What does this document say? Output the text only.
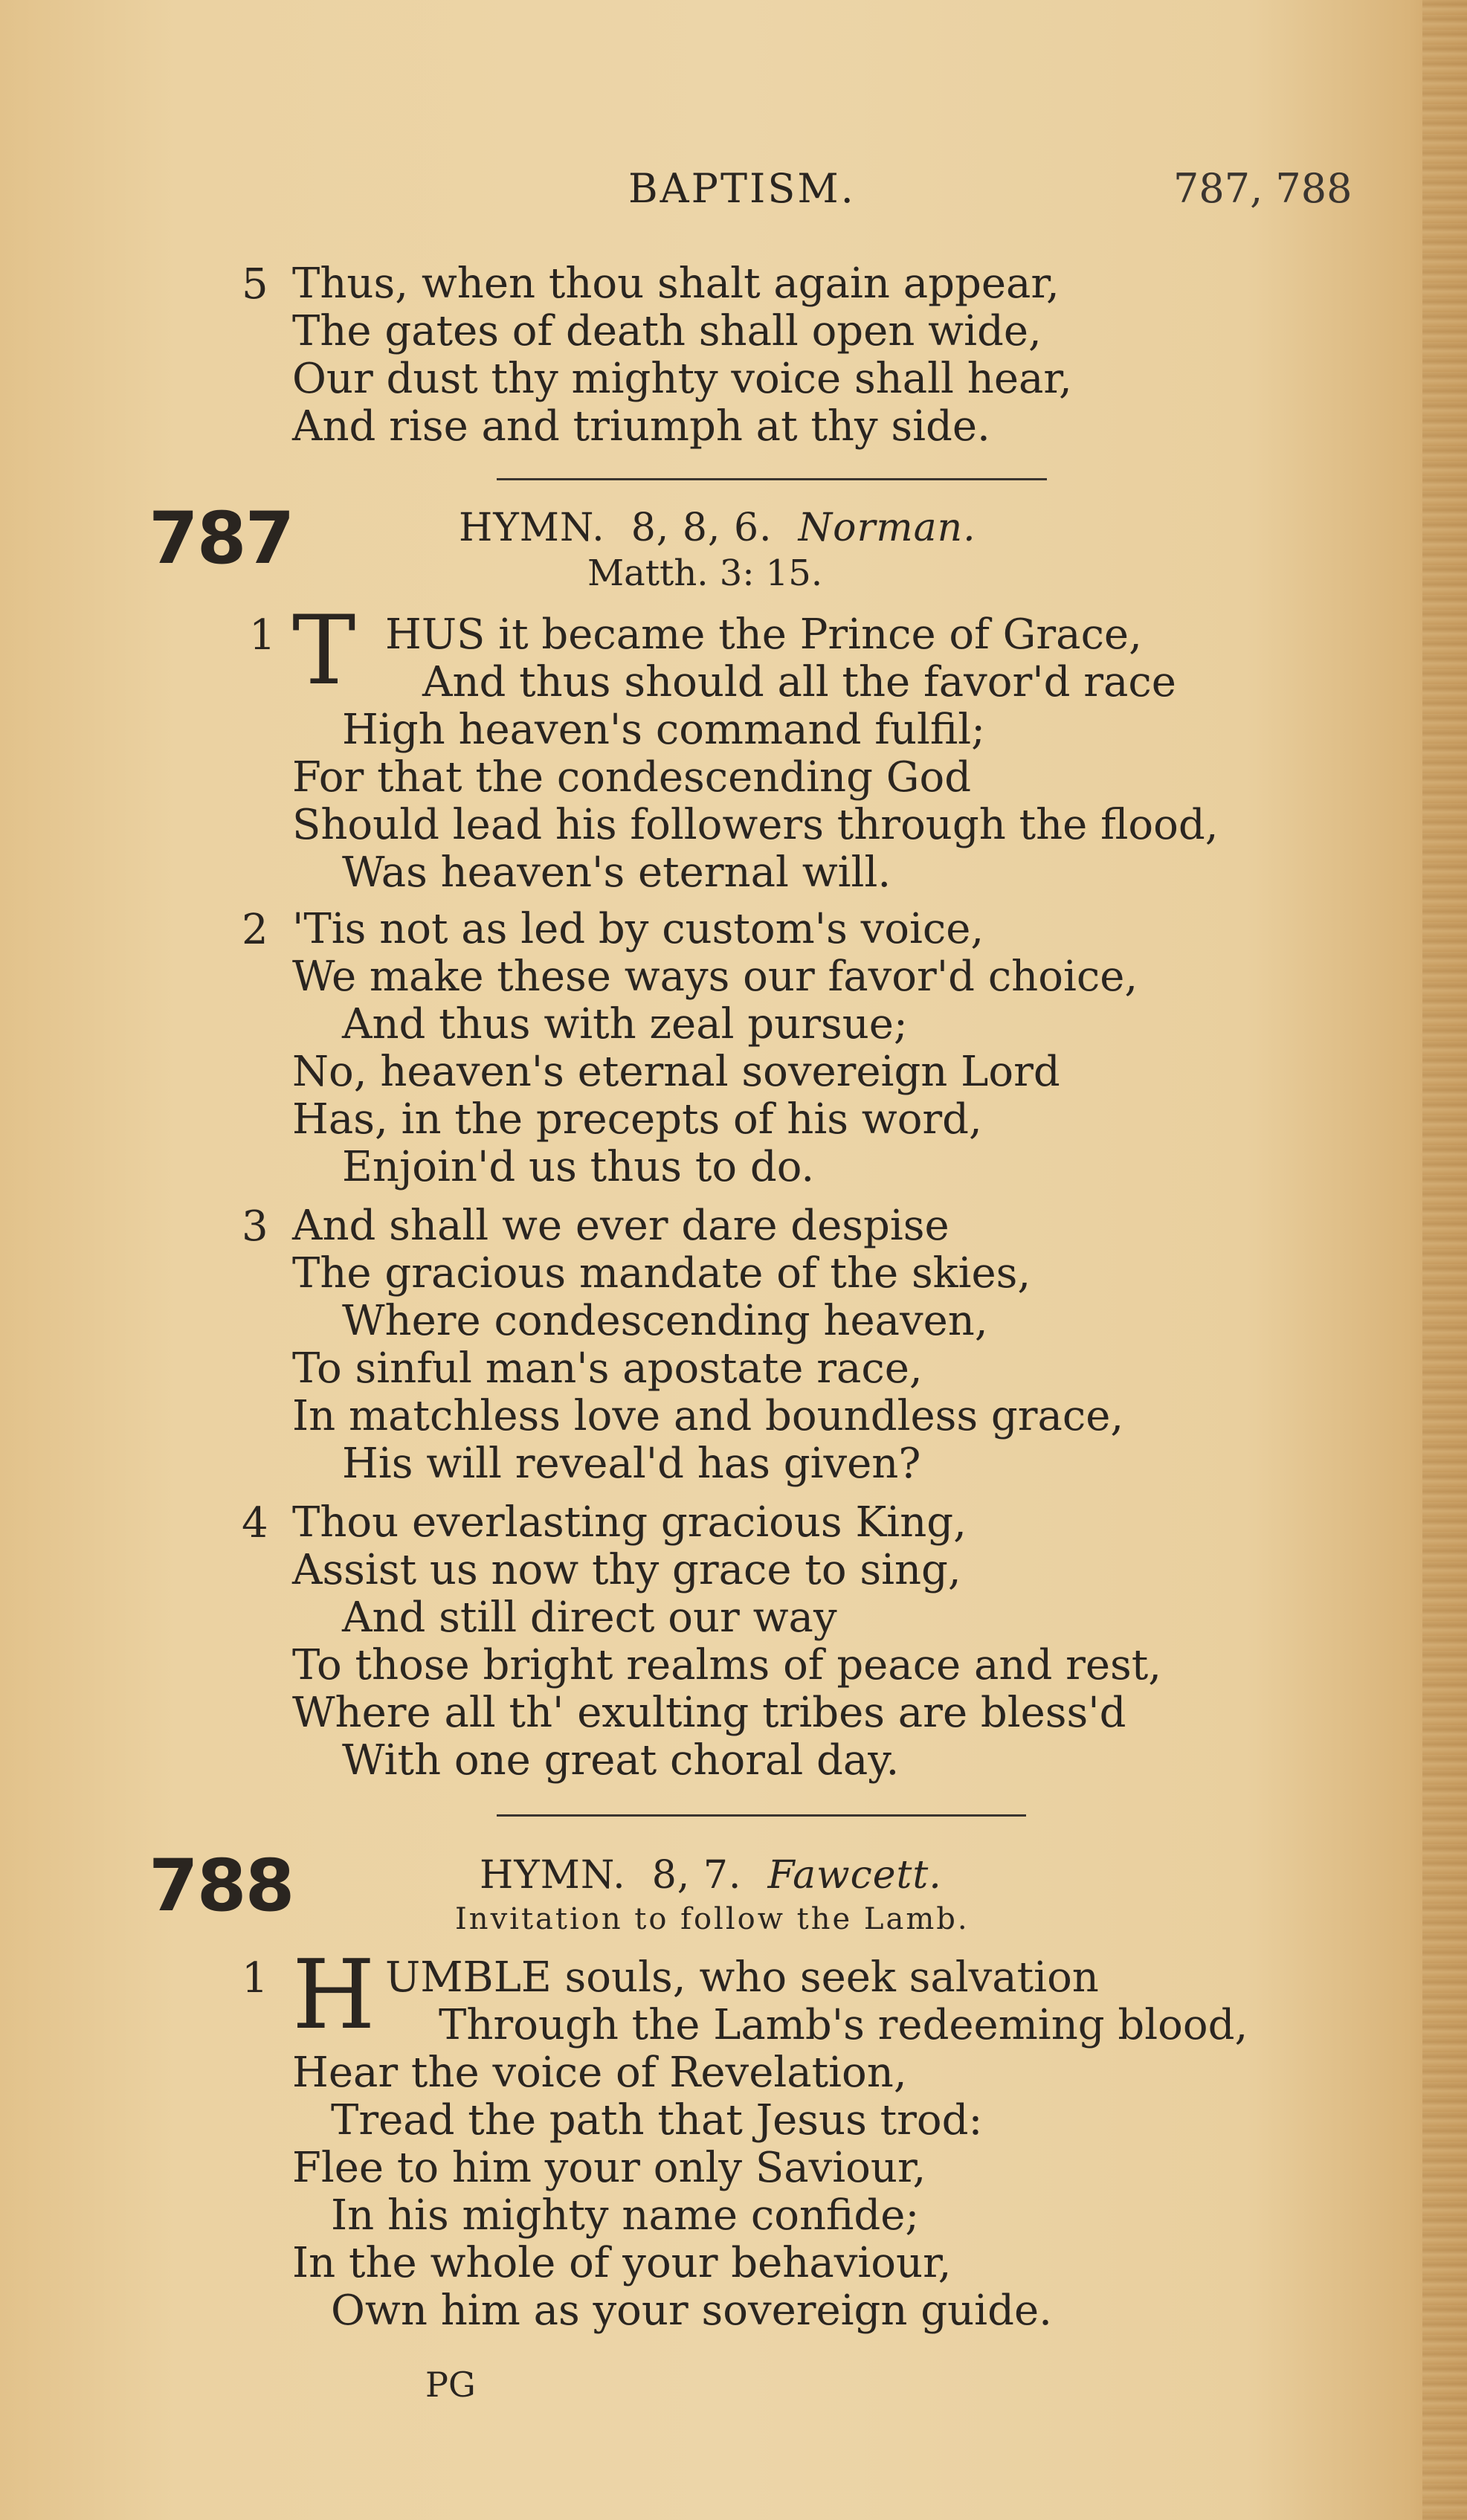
BAPTISM.	787, 788
5 Thus, when thou shalt again appear,
The gates of death shall open wide,
Our dust thy mighty voice shall hear,
And rise and triumph at thy side.
787	HYMN. 8, 8, 6. Norman.
Matth. 3: 15.
1 T HUS it became the Prince of Grace,
And thus should all the favor'd race
High heaven's command fulfil;
For that the condescending God
Should lead his followers through the flood,
Was heaven's eternal will.
2 'Tis not as led by custom's voice,
We make these ways our favor'd choice,
And thus with zeal pursue;
No, heaven's eternal sovereign Lord
Has, in the precepts of his word,
Enjoin'd us thus to do.
3 And shall we ever dare despise
The gracious mandate of the skies,
Where condescending heaven,
To sinful man's apostate race,
In matchless love and boundless grace,
His will reveal'd has given?
4 Thou everlasting gracious King,
Assist us now thy grace to sing,
And still direct our way
To those bright realms of peace and rest,
Where all th' exulting tribes are bless'd
With one great choral day.
788	HYMN. 8, 7. Fawcett.
Invitation to follow the Lamb.
1 H UMBLE souls, who seek salvation
Through the Lamb's redeeming blood,
Hear the voice of Revelation,
Tread the path that Jesus trod:
Flee to him your only Saviour,
In his mighty name confide;
In the whole of your behaviour,
Own him as your sovereign guide.
PG
